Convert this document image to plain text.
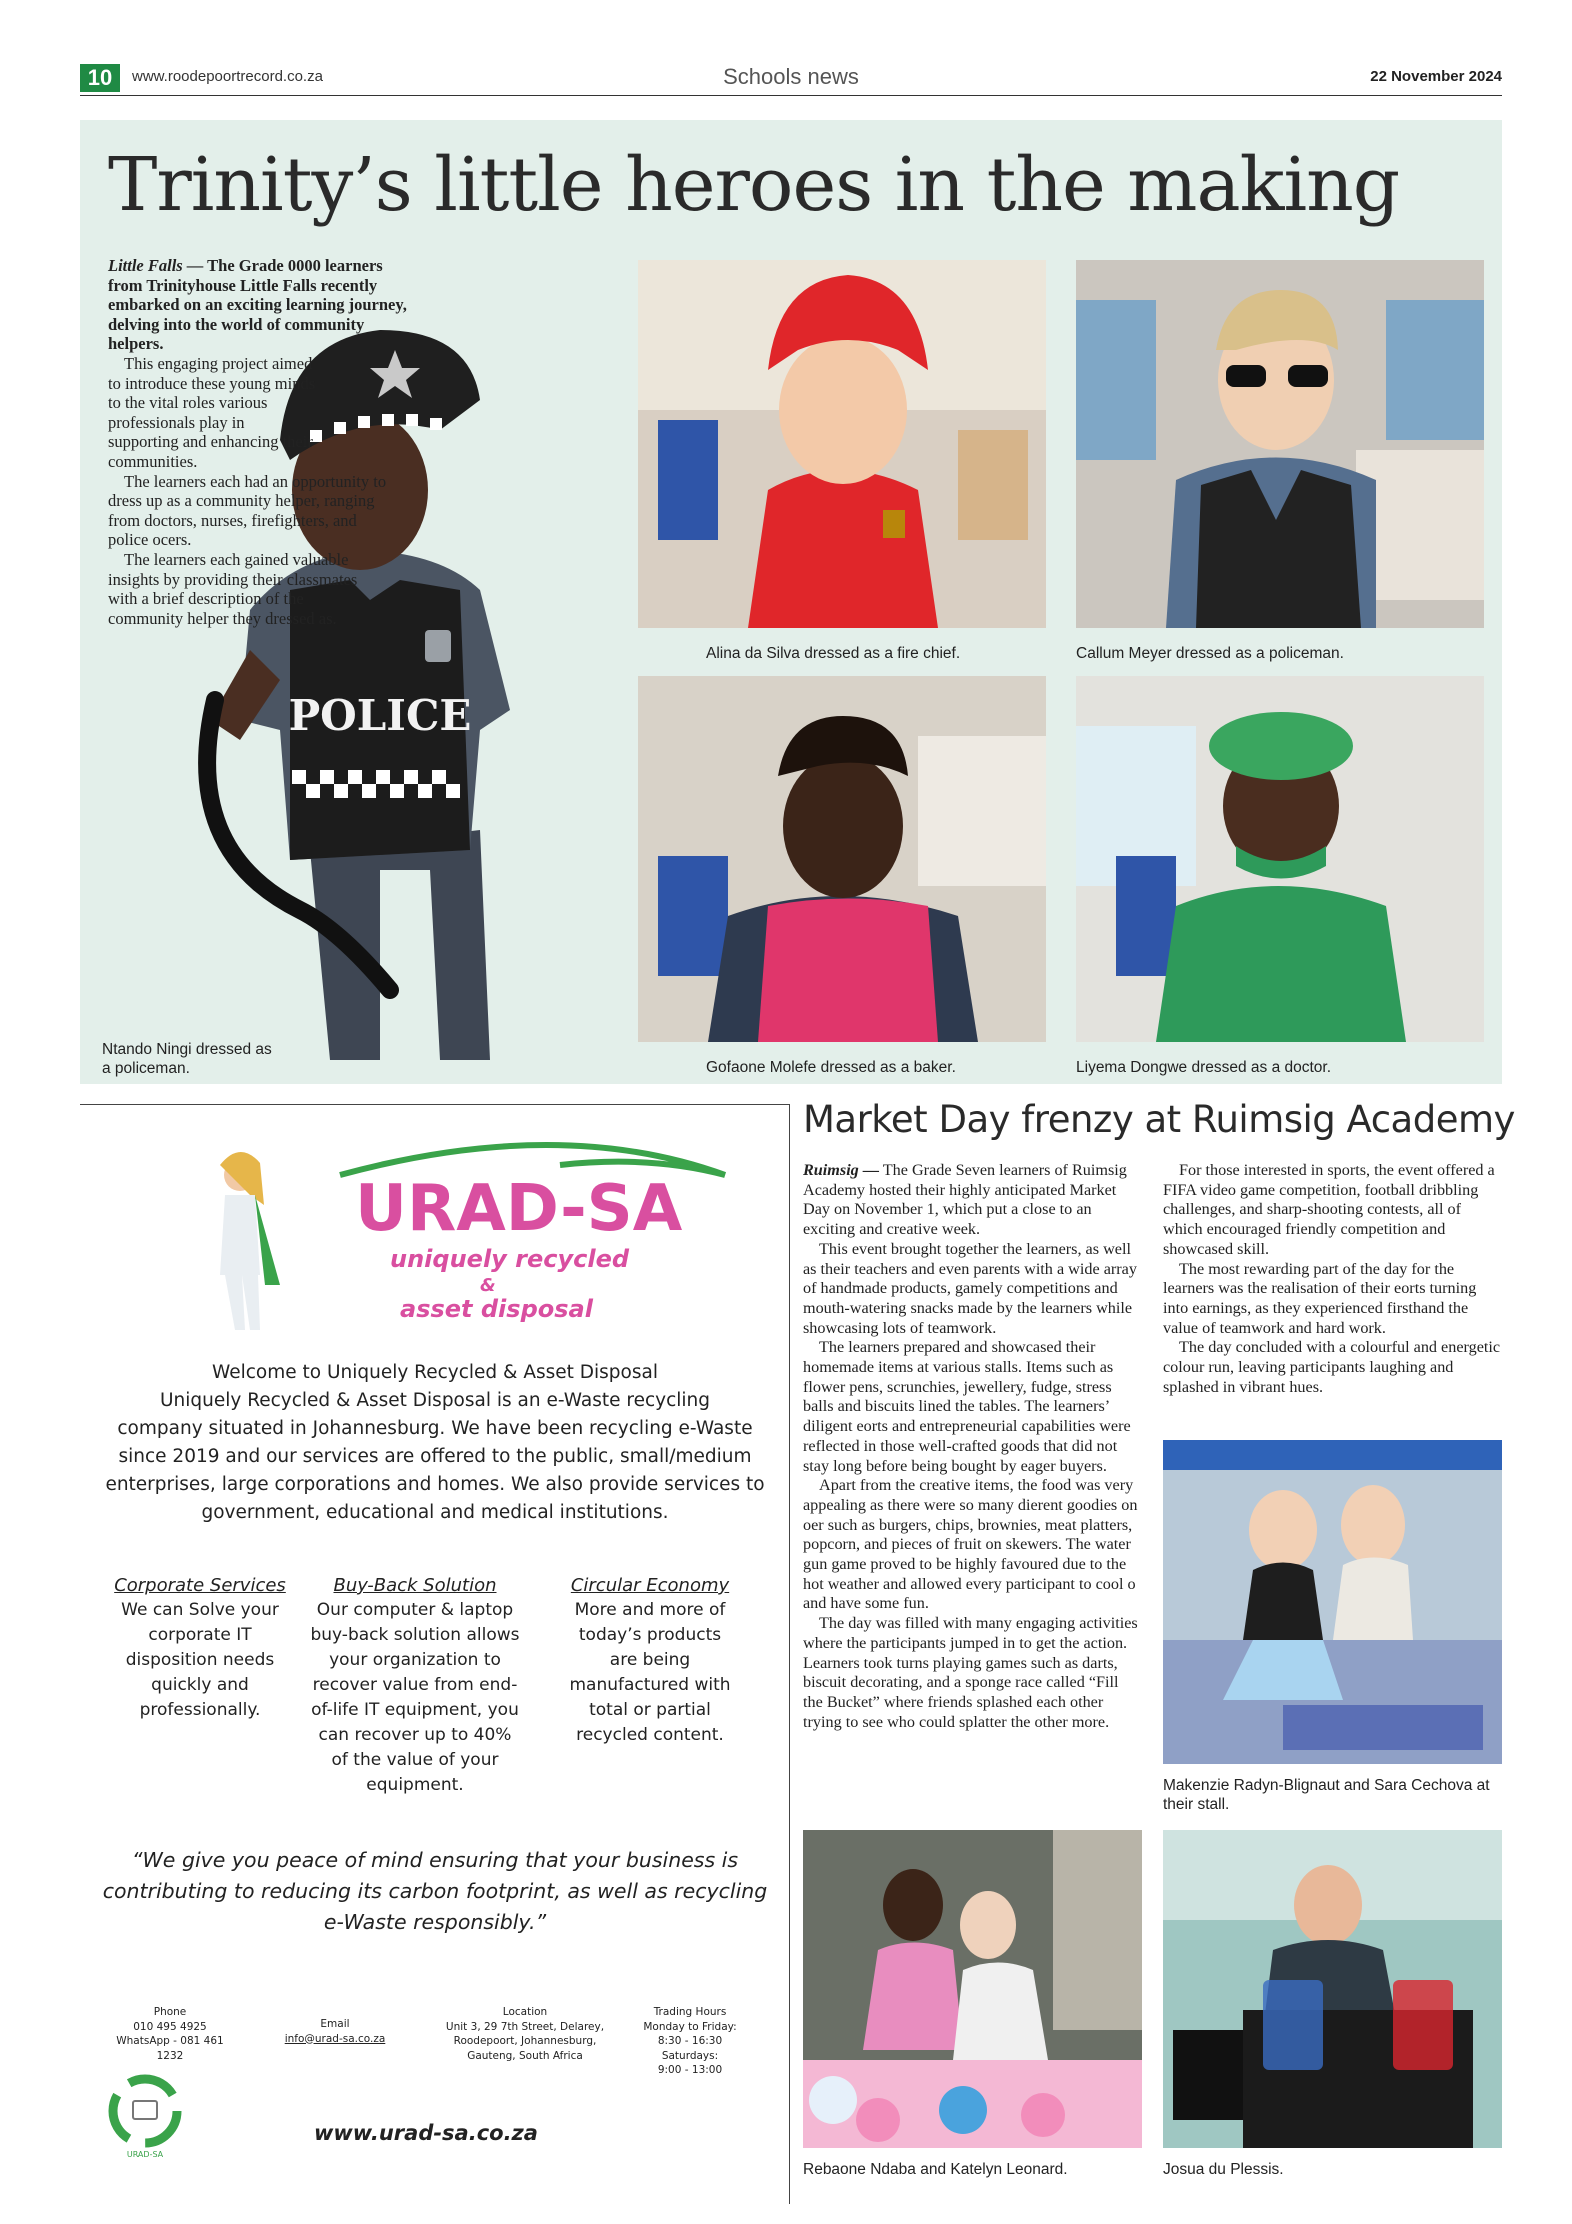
10	www.roodepoortrecord.co.za	Schools news	22 November 2024
Trinity’s little heroes in the making
POLICE

Little Falls — The Grade 0000 learners from Trinityhouse Little Falls recently embarked on an exciting learning journey, delving into the world of community helpers.

This engaging project aimed to introduce these young minds to the vital roles various professionals play in supporting and enhancing their communities.

The learners each had an opportunity to dress up as a community helper, ranging from doctors, nurses, firefighters, and police ocers.

The learners each gained valuable insights by providing their classmates with a brief description of the community helper they dressed as.

Ntando Ningi dressed as a policeman.
Alina da Silva dressed as a fire chief.	Callum Meyer dressed as a policeman.
Gofaone Molefe dressed as a baker.	Liyema Dongwe dressed as a doctor.
URAD-SA
uniquely recycled
&
asset disposal
Welcome to Uniquely Recycled & Asset Disposal
Uniquely Recycled & Asset Disposal is an e-Waste recycling
company situated in Johannesburg. We have been recycling e-Waste
since 2019 and our services are offered to the public, small/medium
enterprises, large corporations and homes. We also provide services to
government, educational and medical institutions.
Corporate Services
We can Solve your corporate IT disposition needs quickly and professionally.
Buy-Back Solution
Our computer & laptop buy-back solution allows your organization to recover value from end-of-life IT equipment, you can recover up to 40% of the value of your equipment.
Circular Economy
More and more of today’s products are being manufactured with total or partial recycled content.
“We give you peace of mind ensuring that your business is contributing to reducing its carbon footprint, as well as recycling e-Waste responsibly.”
Phone
010 495 4925
WhatsApp - 081 461 1232
Email
info@urad-sa.co.za
Location
Unit 3, 29 7th Street, Delarey,
Roodepoort, Johannesburg,
Gauteng, South Africa
Trading Hours
Monday to Friday:
8:30 - 16:30
Saturdays:
9:00 - 13:00
URAD-SA
www.urad-sa.co.za
Market Day frenzy at Ruimsig Academy

Ruimsig — The Grade Seven learners of Ruimsig Academy hosted their highly anticipated Market Day on November 1, which put a close to an exciting and creative week.

This event brought together the learners, as well as their teachers and even parents with a wide array of handmade products, gamely competitions and mouth-watering snacks made by the learners while showcasing lots of teamwork.

The learners prepared and showcased their homemade items at various stalls. Items such as flower pens, scrunchies, jewellery, fudge, stress balls and biscuits lined the tables. The learners’ diligent eorts and entrepreneurial capabilities were reflected in those well-crafted goods that did not stay long before being bought by eager buyers.

Apart from the creative items, the food was very appealing as there were so many dierent goodies on oer such as burgers, chips, brownies, meat platters, popcorn, and pieces of fruit on skewers. The water gun game proved to be highly favoured due to the hot weather and allowed every participant to cool o and have some fun.

The day was filled with many engaging activities where the participants jumped in to get the action. Learners took turns playing games such as darts, biscuit decorating, and a sponge race called “Fill the Bucket” where friends splashed each other trying to see who could splatter the other more.

For those interested in sports, the event offered a FIFA video game competition, football dribbling challenges, and sharp-shooting contests, all of which encouraged friendly competition and showcased skill.

The most rewarding part of the day for the learners was the realisation of their eorts turning into earnings, as they experienced firsthand the value of teamwork and hard work.

The day concluded with a colourful and energetic colour run, leaving participants laughing and splashed in vibrant hues.

Makenzie Radyn-Blignaut and Sara Cechova at their stall.
Rebaone Ndaba and Katelyn Leonard.	Josua du Plessis.
